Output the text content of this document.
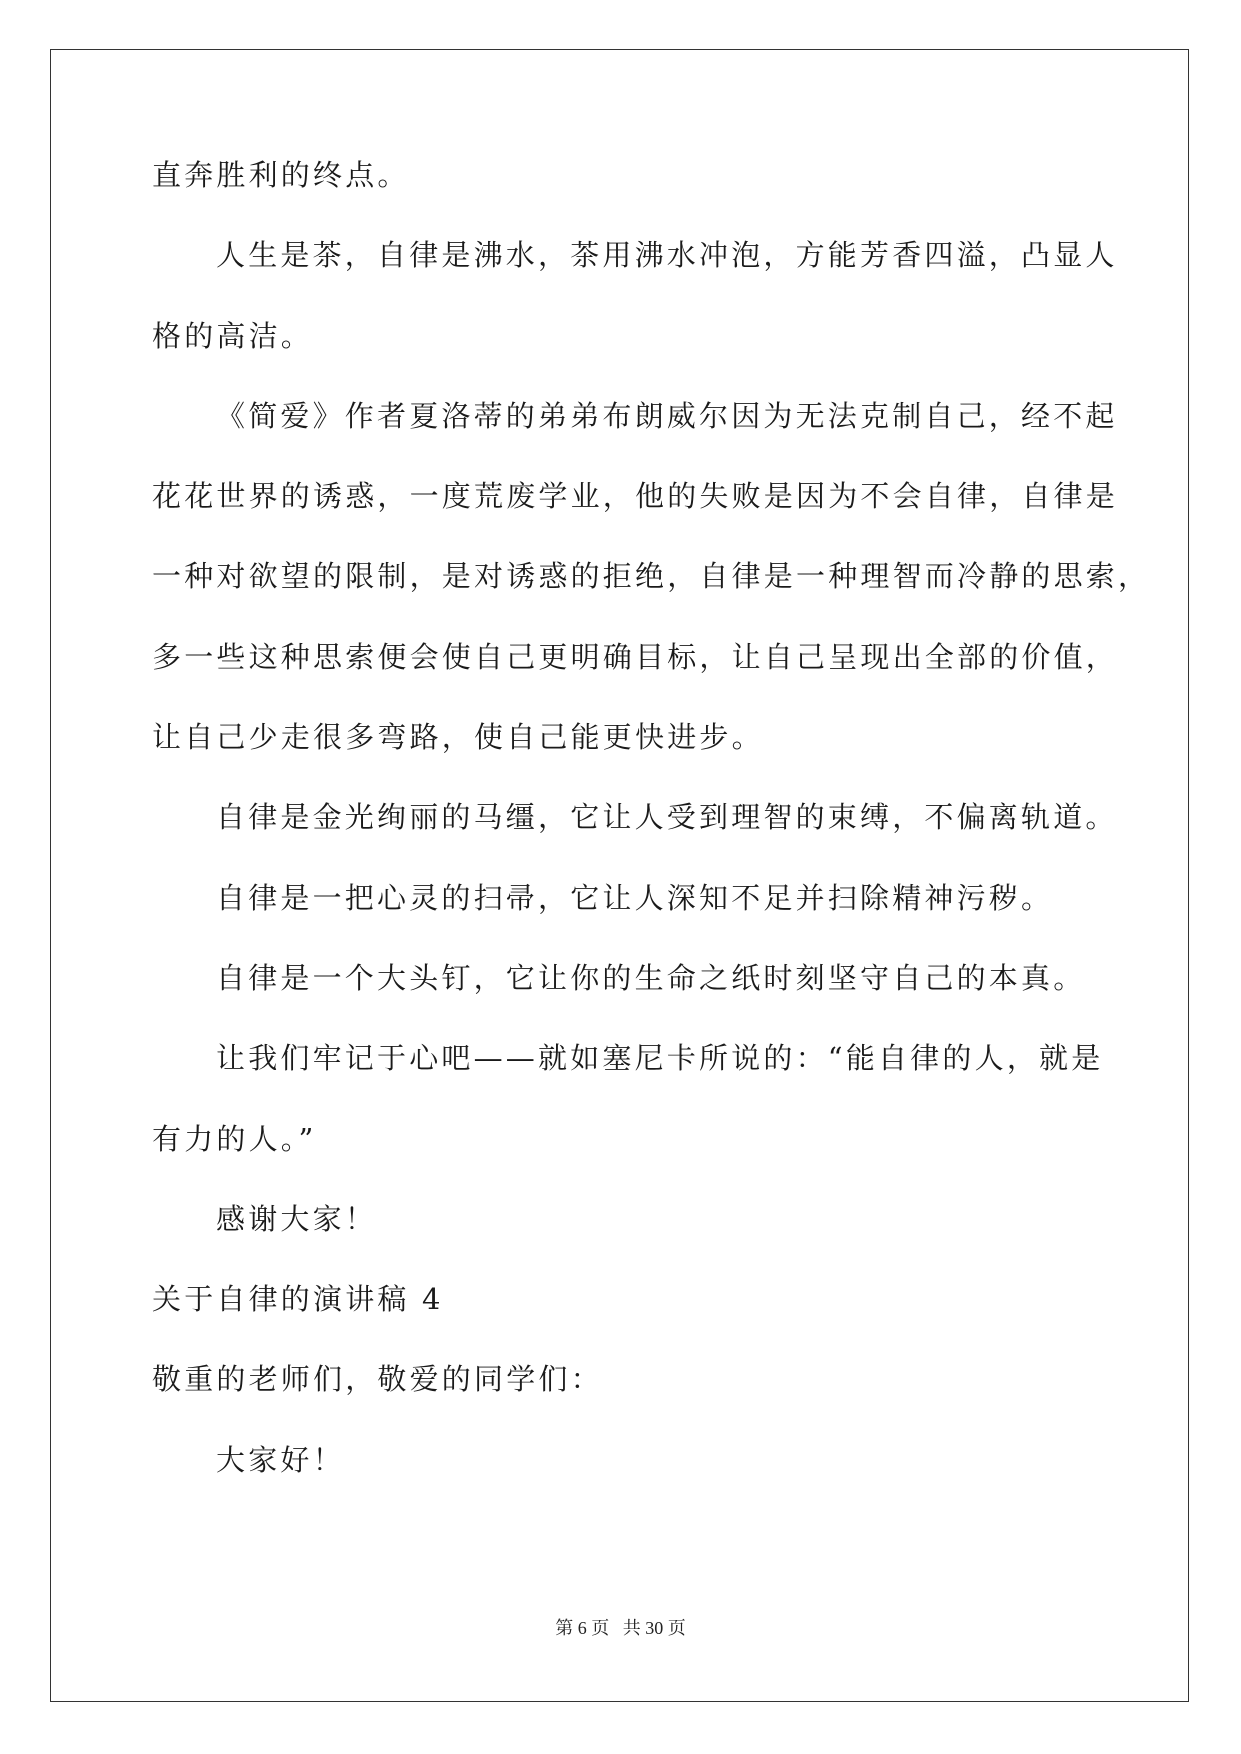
直奔胜利的终点。
人生是茶，自律是沸水，茶用沸水冲泡，方能芳香四溢，凸显人
格的高洁。
《简爱》作者夏洛蒂的弟弟布朗威尔因为无法克制自己，经不起
花花世界的诱惑，一度荒废学业，他的失败是因为不会自律，自律是
一种对欲望的限制，是对诱惑的拒绝，自律是一种理智而冷静的思索，
多一些这种思索便会使自己更明确目标，让自己呈现出全部的价值，
让自己少走很多弯路，使自己能更快进步。
自律是金光绚丽的马缰，它让人受到理智的束缚，不偏离轨道。
自律是一把心灵的扫帚，它让人深知不足并扫除精神污秽。
自律是一个大头钉，它让你的生命之纸时刻坚守自己的本真。
让我们牢记于心吧——就如塞尼卡所说的：“能自律的人，就是
有力的人。”
感谢大家！
关于自律的演讲稿 4
敬重的老师们，敬爱的同学们：
大家好！
第 6 页 共 30 页
